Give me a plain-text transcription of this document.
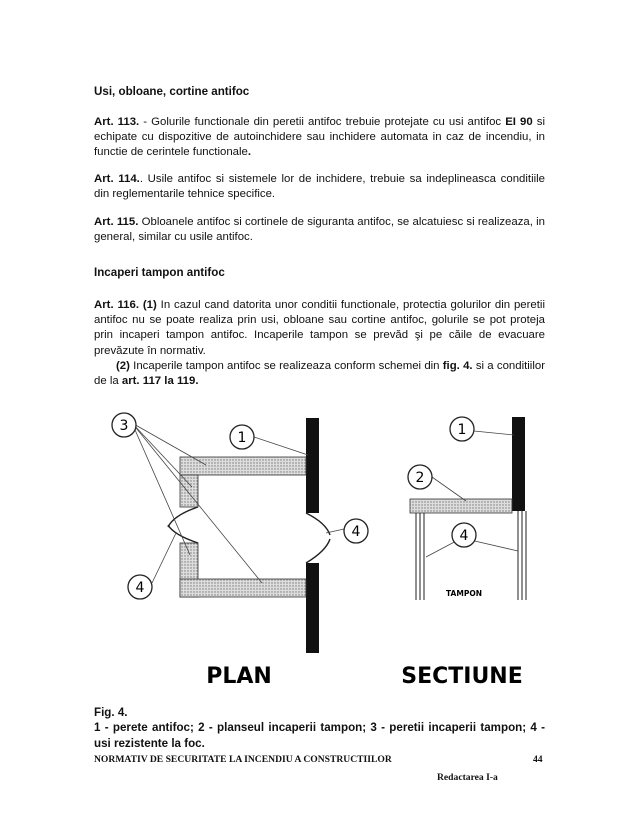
Usi, obloane, cortine antifoc

Art. 113. - Golurile functionale din peretii antifoc trebuie protejate cu usi antifoc EI 90 si echipate cu dispozitive de autoinchidere sau inchidere automata in caz de incendiu, in functie de cerintele functionale.

Art. 114.. Usile antifoc si sistemele lor de inchidere, trebuie sa indeplineasca conditiile din reglementarile tehnice specifice.

Art. 115. Obloanele antifoc si cortinele de siguranta antifoc, se alcatuiesc si realizeaza, in general, similar cu usile antifoc.

Incaperi tampon antifoc

Art. 116. (1) In cazul cand datorita unor conditii functionale, protectia golurilor din peretii antifoc nu se poate realiza prin usi, obloane sau cortine antifoc, golurile se pot proteja prin incaperi tampon antifoc. Incaperile tampon se prevăd şi pe căile de evacuare prevăzute în normativ.
(2) Incaperile tampon antifoc se realizeaza conform schemei din fig. 4. si a conditiilor de la art. 117 la 119.

3
1
4
4
PLAN
1
2
4
TAMPON
SECTIUNE

Fig. 4.

1 - perete antifoc; 2 - planseul incaperii tampon; 3 - peretii incaperii tampon; 4 - usi rezistente la foc.

NORMATIV DE SECURITATE LA INCENDIU A CONSTRUCTIILOR	44
Redactarea I-a
